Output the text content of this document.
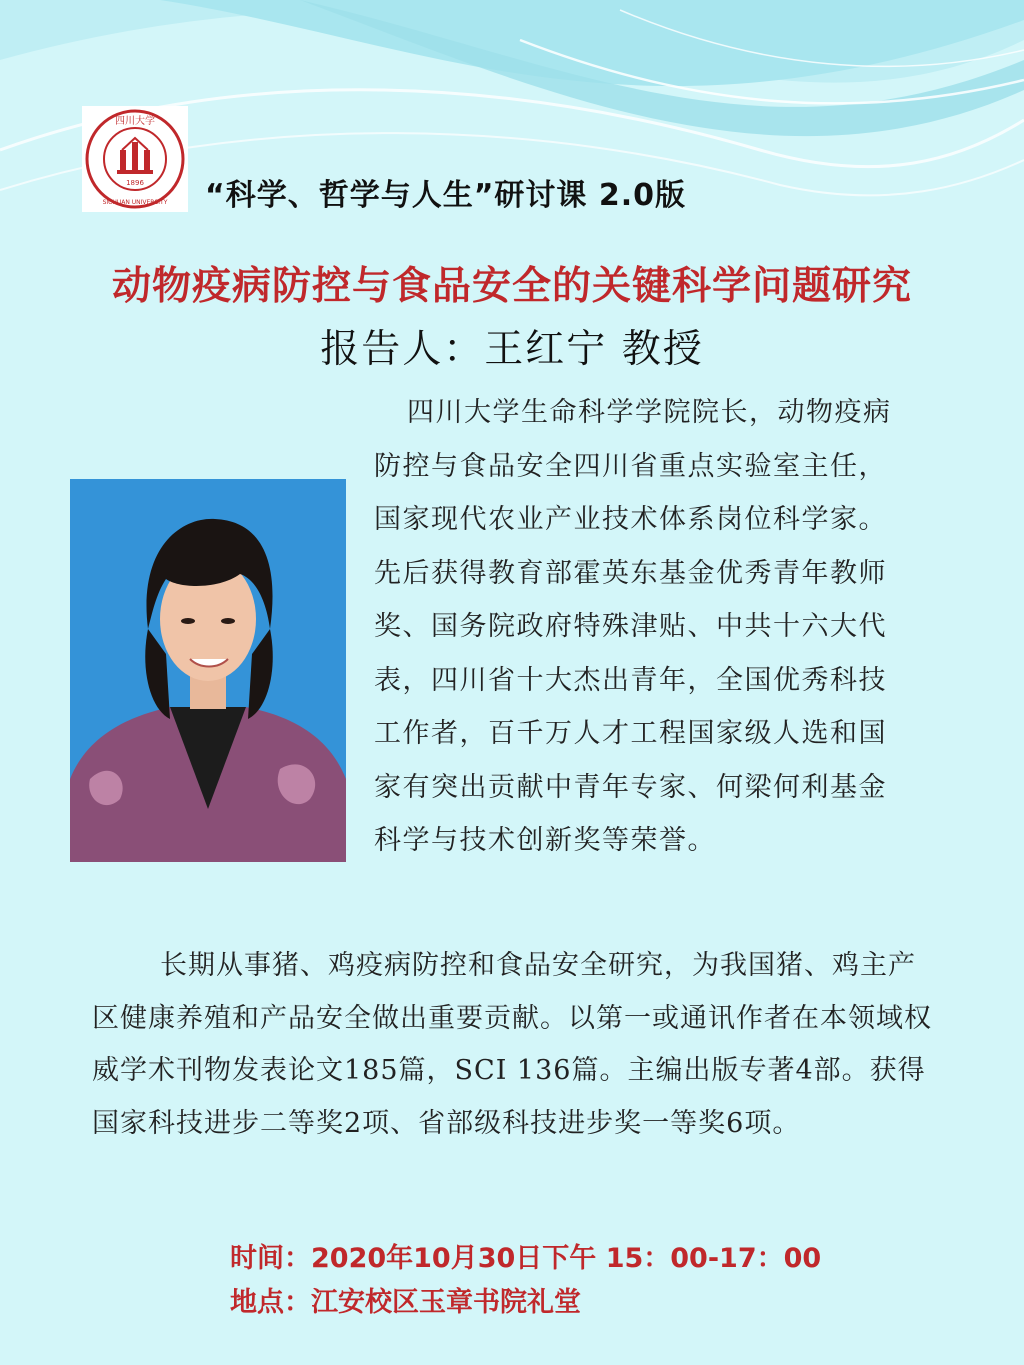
1896
四川大学
SICHUAN UNIVERSITY “科学、哲学与人生”研讨课 2.0版
动物疫病防控与食品安全的关键科学问题研究
报告人：王红宁 教授
四川大学生命科学学院院长，动物疫病防控与食品安全四川省重点实验室主任，国家现代农业产业技术体系岗位科学家。先后获得教育部霍英东基金优秀青年教师奖、国务院政府特殊津贴、中共十六大代表，四川省十大杰出青年，全国优秀科技工作者，百千万人才工程国家级人选和国家有突出贡献中青年专家、何梁何利基金科学与技术创新奖等荣誉。
长期从事猪、鸡疫病防控和食品安全研究，为我国猪、鸡主产区健康养殖和产品安全做出重要贡献。以第一或通讯作者在本领域权威学术刊物发表论文185篇，SCI 136篇。主编出版专著4部。获得国家科技进步二等奖2项、省部级科技进步奖一等奖6项。
时间：2020年10月30日下午 15：00-17：00
地点：江安校区玉章书院礼堂
